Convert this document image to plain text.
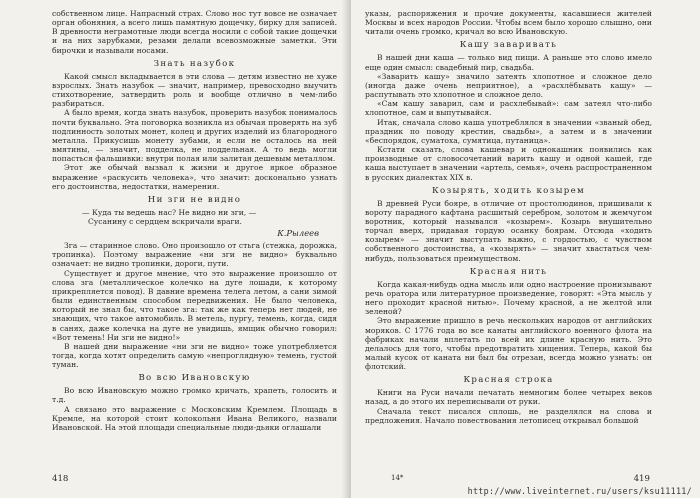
собственном лице. Напрасный страх. Слово нос тут вовсе не означает орган обоняния, а всего лишь памятную дощечку, бирку для записей. В древности неграмотные люди всегда носили с собой такие дощечки и на них зарубками, резами делали всевозможные заметки. Эти бирочки и называли носами.

Знать назубок

Какой смысл вкладывается в эти слова — детям известно не хуже взрослых. Знать назубок — значит, например, превосходно выучить стихотворение, затвердить роль и вообще отлично в чем-либо разбираться.

А было время, когда знать назубок, проверить назубок понималось почти буквально. Эта поговорка возникла из обычая проверять на зуб подлинность золотых монет, колец и других изделий из благородного металла. Прикусишь монету зубами, и если не осталось на ней вмятины, — значит, подделка, не поддельная. А то ведь могли попасться фальшивки: внутри полая или залитая дешевым металлом.

Этот же обычай вызвал к жизни и другое яркое образное выражение «раскусить человека», что значит: досконально узнать его достоинства, недостатки, намерения.

Ни зги не видно

— Куда ты ведешь нас? Не видно ни зги, —

Сусанину с сердцем вскричали враги.

К.Рылеев

Зга — старинное слово. Оно произошло от стьга (стежка, дорожка, тропинка). Поэтому выражение «ни зги не видно» буквально означает: не видно тропинки, дороги, пути.

Существует и другое мнение, что это выражение произошло от слова зга (металлическое колечко на дуге лошади, к которому прикрепляется повод). В давние времена телега летом, а сани зимой были единственным способом передвижения. Не было человека, который не знал бы, что такое зга: так же как теперь нет людей, не знающих, что такое автомобиль. В метель, пургу, темень, когда, сидя в санях, даже колечка на дуге не увидишь, ямщик обычно говорил: «Вот темень! Ни зги не видно!»

В нашей дни выражение «ни зги не видно» тоже употребляется тогда, когда хотят определить самую «непроглядную» темень, густой туман.

Во всю Ивановскую

Во всю Ивановскую можно громко кричать, храпеть, голосить и т.д.

А связано это выражение с Московским Кремлем. Площадь в Кремле, на которой стоит колокольня Ивана Великого, назвали Ивановской. На этой площади специальные люди-дьяки оглашали

418

указы, распоряжения и прочие документы, касавшиеся жителей Москвы и всех народов России. Чтобы всем было хорошо слышно, они читали очень громко, кричал во всю Ивановскую.

Кашу заваривать

В нашей дни каша — только вид пищи. А раньше это слово имело еще один смысл: свадебный пир, свадьба.

«Заварить кашу» значило затеять хлопотное и сложное дело (иногда даже очень неприятное), а «расхлёбывать кашу» — распутывать это хлопотное и сложное дело.

«Сам кашу заварил, сам и расхлебывай»: сам затеял что-либо хлопотное, сам и выпутывайся.

Итак, сначала слово каша употреблялся в значении «званый обед, праздник по поводу крестин, свадьбы», а затем и в значении «беспорядок, суматоха, сумятица, путаница».

Кстати сказать, слова кашевар и однокашник появились как производные от словосочетаний варить кашу и одной кашей, где каша выступает в значении «артель, семья», очень распространенном в русских диалектах XIX в.

Козырять, ходить козырем

В древней Руси бояре, в отличие от простолюдинов, пришивали к вороту парадного кафтана расшитый серебром, золотом и жемчугом воротник, который назывался «козырем». Козырь внушительно торчал вверх, придавая гордую осанку боярам. Отсюда «ходить козырем» — значит выступать важно, с гордостью, с чувством собственного достоинства, а «козырять» — значит хвастаться чем-нибудь, пользоваться преимуществом.

Красная нить

Когда какая-нибудь одна мысль или одно настроение пронизывают речь оратора или литературное произведение, говорят: «Эта мысль у него проходит красной нитью». Почему красной, а не желтой или зеленой?

Это выражение пришло в речь нескольких народов от английских моряков. С 1776 года во все канаты английского военного флота на фабриках начали вплетать по всей их длине красную нить. Это делалось для того, чтобы предотвратить хищения. Теперь, какой бы малый кусок от каната ни был бы отрезан, всегда можно узнать: он флотский.

Красная строка

Книги на Руси начали печатать немногим более четырех веков назад, а до этого их переписывали от руки.

Сначала текст писался сплошь, не разделялся на слова и предложения. Начало повествования летописец открывал большой

14*	419
http://www.liveinternet.ru/users/ksu11111/
